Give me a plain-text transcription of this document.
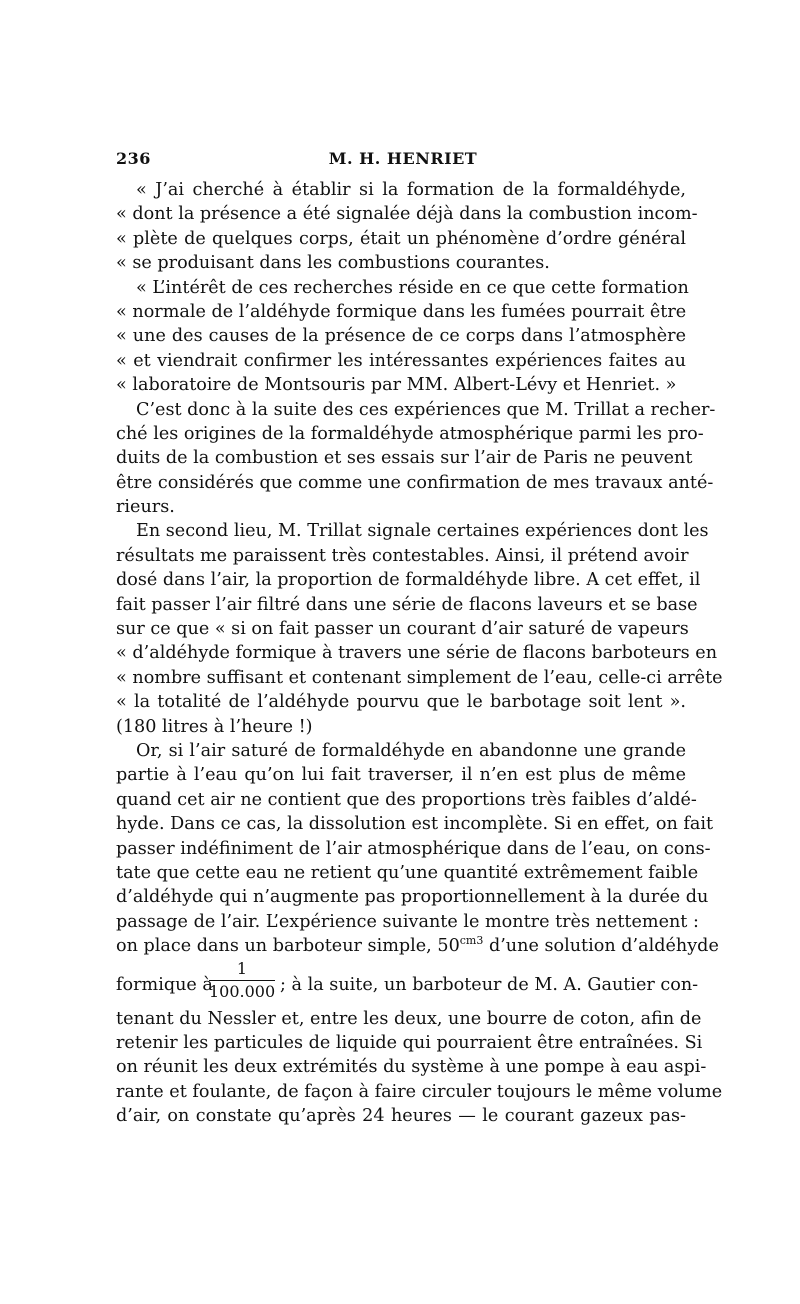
236	M. H. HENRIET
« J’ai cherché à établir si la formation de la formaldéhyde,
« dont la présence a été signalée déjà dans la combustion incom-
« plète de quelques corps, était un phénomène d’ordre général
« se produisant dans les combustions courantes.
« L’intérêt de ces recherches réside en ce que cette formation
« normale de l’aldéhyde formique dans les fumées pourrait être
« une des causes de la présence de ce corps dans l’atmosphère
« et viendrait confirmer les intéressantes expériences faites au
« laboratoire de Montsouris par MM. Albert-Lévy et Henriet. »
C’est donc à la suite des ces expériences que M. Trillat a recher-
ché les origines de la formaldéhyde atmosphérique parmi les pro-
duits de la combustion et ses essais sur l’air de Paris ne peuvent
être considérés que comme une confirmation de mes travaux anté-
rieurs.
En second lieu, M. Trillat signale certaines expériences dont les
résultats me paraissent très contestables. Ainsi, il prétend avoir
dosé dans l’air, la proportion de formaldéhyde libre. A cet effet, il
fait passer l’air filtré dans une série de flacons laveurs et se base
sur ce que « si on fait passer un courant d’air saturé de vapeurs
« d’aldéhyde formique à travers une série de flacons barboteurs en
« nombre suffisant et contenant simplement de l’eau, celle-ci arrête
« la totalité de l’aldéhyde pourvu que le barbotage soit lent ».
(180 litres à l’heure !)
Or, si l’air saturé de formaldéhyde en abandonne une grande
partie à l’eau qu’on lui fait traverser, il n’en est plus de même
quand cet air ne contient que des proportions très faibles d’aldé-
hyde. Dans ce cas, la dissolution est incomplète. Si en effet, on fait
passer indéfiniment de l’air atmosphérique dans de l’eau, on cons-
tate que cette eau ne retient qu’une quantité extrêmement faible
d’aldéhyde qui n’augmente pas proportionnellement à la durée du
passage de l’air. L’expérience suivante le montre très nettement :
on place dans un barboteur simple, $50^{cm3}$ d’une solution d’aldéhyde
formique à
1
100.000 ; à la suite, un barboteur de M. A. Gautier con-
tenant du Nessler et, entre les deux, une bourre de coton, afin de
retenir les particules de liquide qui pourraient être entraînées. Si
on réunit les deux extrémités du système à une pompe à eau aspi-
rante et foulante, de façon à faire circuler toujours le même volume
d’air, on constate qu’après 24 heures — le courant gazeux pas-
